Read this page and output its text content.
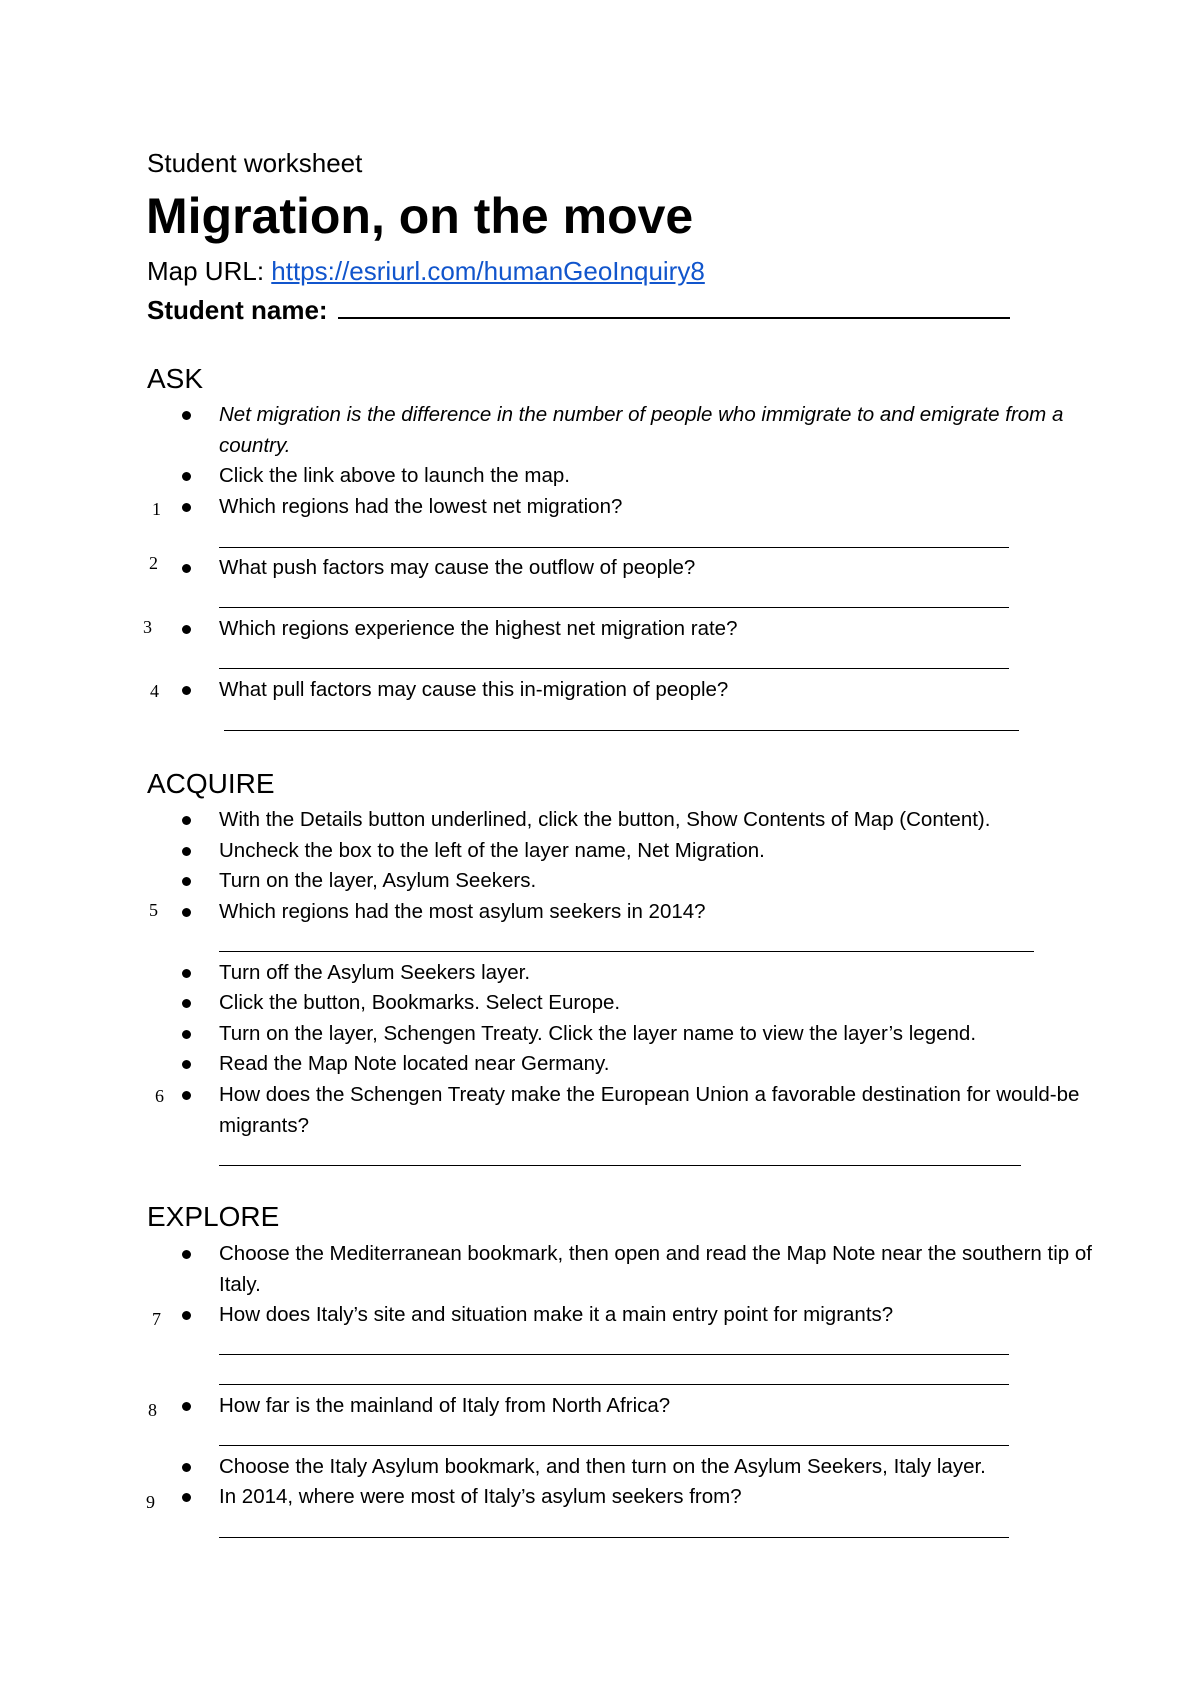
Student worksheet
Migration, on the move
Map URL: https://esriurl.com/humanGeoInquiry8
Student name:
ASK
Net migration is the difference in the number of people who immigrate to and emigrate from a country.
Click the link above to launch the map.
1	Which regions had the lowest net migration?
2	What push factors may cause the outflow of people?
3	Which regions experience the highest net migration rate?
4	What pull factors may cause this in-migration of people?
ACQUIRE
With the Details button underlined, click the button, Show Contents of Map (Content).
Uncheck the box to the left of the layer name, Net Migration.
Turn on the layer, Asylum Seekers.
5	Which regions had the most asylum seekers in 2014?
Turn off the Asylum Seekers layer.
Click the button, Bookmarks. Select Europe.
Turn on the layer, Schengen Treaty. Click the layer name to view the layer’s legend.
Read the Map Note located near Germany.
6	How does the Schengen Treaty make the European Union a favorable destination for would-be migrants?
EXPLORE
Choose the Mediterranean bookmark, then open and read the Map Note near the southern tip of Italy.
7	How does Italy’s site and situation make it a main entry point for migrants?
8	How far is the mainland of Italy from North Africa?
Choose the Italy Asylum bookmark, and then turn on the Asylum Seekers, Italy layer.
9	In 2014, where were most of Italy’s asylum seekers from?
